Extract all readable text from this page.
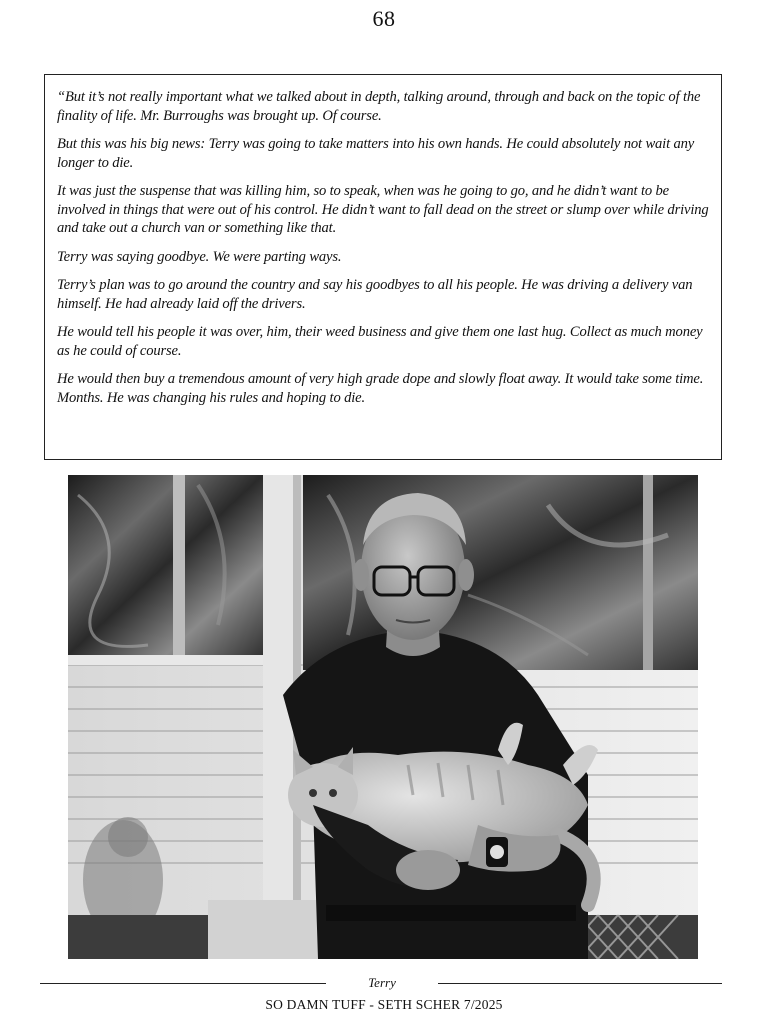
68

“But it’s not really important what we talked about in depth, talking around, through and back on the topic of the finality of life. Mr. Burroughs was brought up. Of course.

But this was his big news: Terry was going to take matters into his own hands. He could absolutely not wait any longer to die.

It was just the suspense that was killing him, so to speak, when was he going to go, and he didn’t want to be involved in things that were out of his control. He didn’t want to fall dead on the street or slump over while driving and take out a church van or something like that.

Terry was saying goodbye. We were parting ways.

Terry’s plan was to go around the country and say his goodbyes to all his people. He was driving a delivery van himself. He had already laid off the drivers.

He would tell his people it was over, him, their weed business and give them one last hug. Collect as much money as he could of course.

He would then buy a tremendous amount of very high grade dope and slowly float away. It would take some time. Months. He was changing his rules and hoping to die.

Terry
SO DAMN TUFF - SETH SCHER 7/2025
